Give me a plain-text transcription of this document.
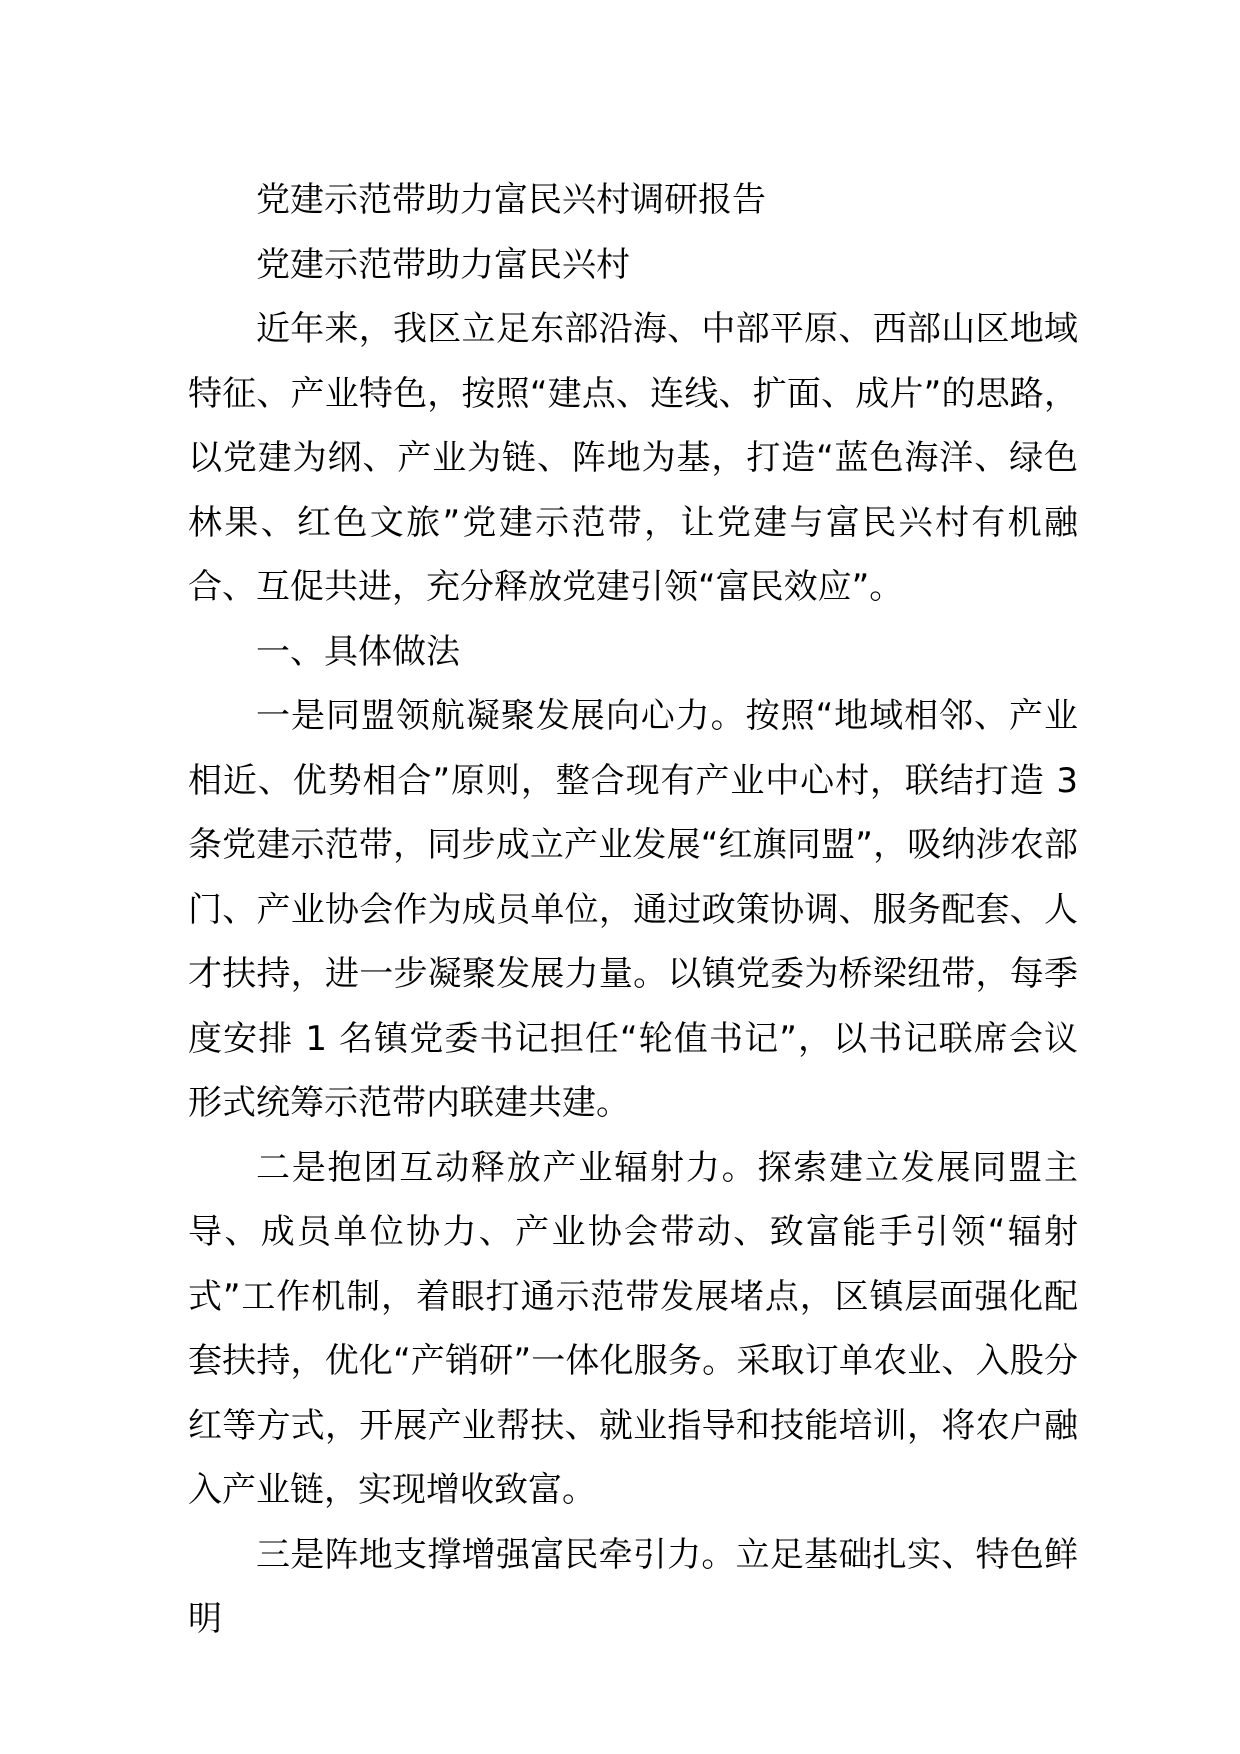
党建示范带助力富民兴村调研报告

党建示范带助力富民兴村

近年来，我区立足东部沿海、中部平原、西部山区地域特征、产业特色，按照“建点、连线、扩面、成片”的思路，以党建为纲、产业为链、阵地为基，打造“蓝色海洋、绿色林果、红色文旅”党建示范带，让党建与富民兴村有机融合、互促共进，充分释放党建引领“富民效应”。

一、具体做法

一是同盟领航凝聚发展向心力。按照“地域相邻、产业相近、优势相合”原则，整合现有产业中心村，联结打造 3 条党建示范带，同步成立产业发展“红旗同盟”，吸纳涉农部门、产业协会作为成员单位，通过政策协调、服务配套、人才扶持，进一步凝聚发展力量。以镇党委为桥梁纽带，每季度安排 1 名镇党委书记担任“轮值书记”，以书记联席会议形式统筹示范带内联建共建。

二是抱团互动释放产业辐射力。探索建立发展同盟主导、成员单位协力、产业协会带动、致富能手引领“辐射式”工作机制，着眼打通示范带发展堵点，区镇层面强化配套扶持，优化“产销研”一体化服务。采取订单农业、入股分红等方式，开展产业帮扶、就业指导和技能培训，将农户融入产业链，实现增收致富。

三是阵地支撑增强富民牵引力。立足基础扎实、特色鲜明
